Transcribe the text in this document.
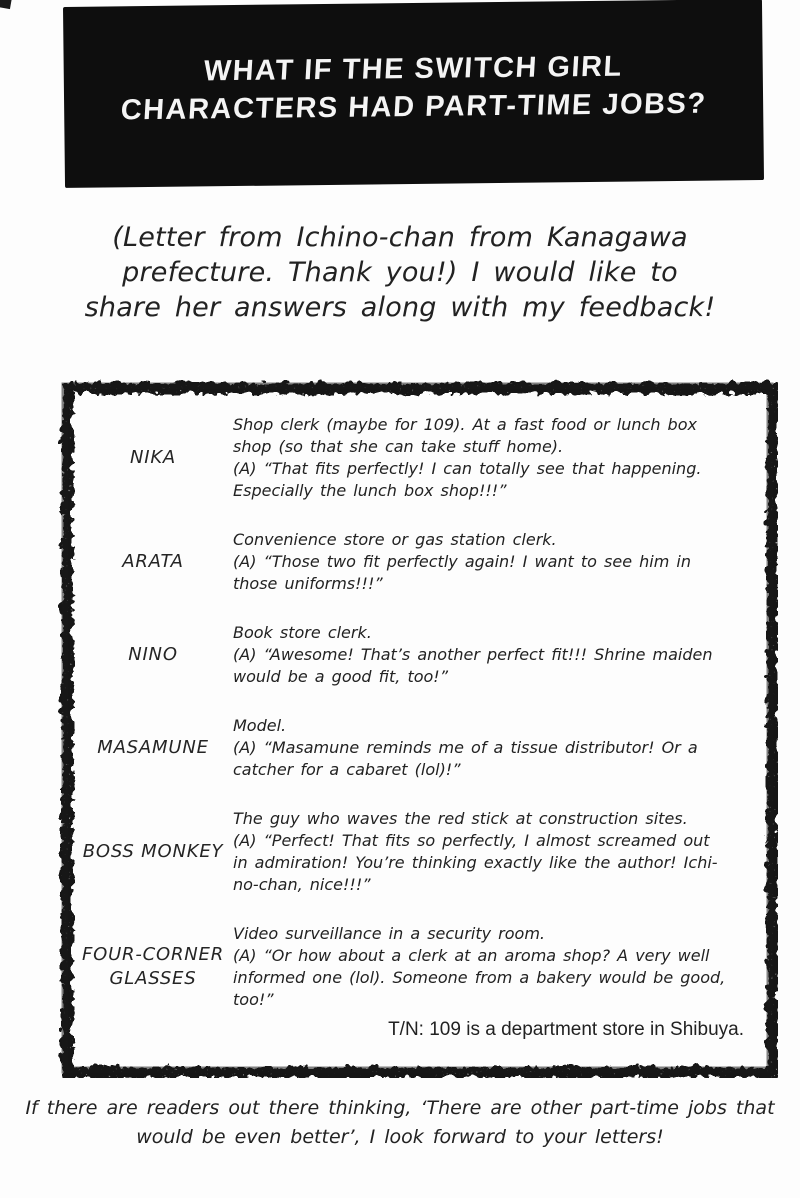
WHAT IF THE SWITCH GIRL
CHARACTERS HAD PART-TIME JOBS?
(Letter from Ichino-chan from Kanagawa
prefecture. Thank you!) I would like to
share her answers along with my feedback!
NIKA
Shop clerk (maybe for 109). At a fast food or lunch box
shop (so that she can take stuff home).
(A) “That fits perfectly! I can totally see that happening.
Especially the lunch box shop!!!”
ARATA
Convenience store or gas station clerk.
(A) “Those two fit perfectly again! I want to see him in
those uniforms!!!”
NINO
Book store clerk.
(A) “Awesome! That’s another perfect fit!!! Shrine maiden
would be a good fit, too!”
MASAMUNE
Model.
(A) “Masamune reminds me of a tissue distributor! Or a
catcher for a cabaret (lol)!”
BOSS MONKEY
The guy who waves the red stick at construction sites.
(A) “Perfect! That fits so perfectly, I almost screamed out
in admiration! You’re thinking exactly like the author! Ichi-
no-chan, nice!!!”
FOUR-CORNER
GLASSES
Video surveillance in a security room.
(A) “Or how about a clerk at an aroma shop? A very well
informed one (lol). Someone from a bakery would be good,
too!”
T/N: 109 is a department store in Shibuya.
If there are readers out there thinking, ‘There are other part-time jobs that
would be even better’, I look forward to your letters!
